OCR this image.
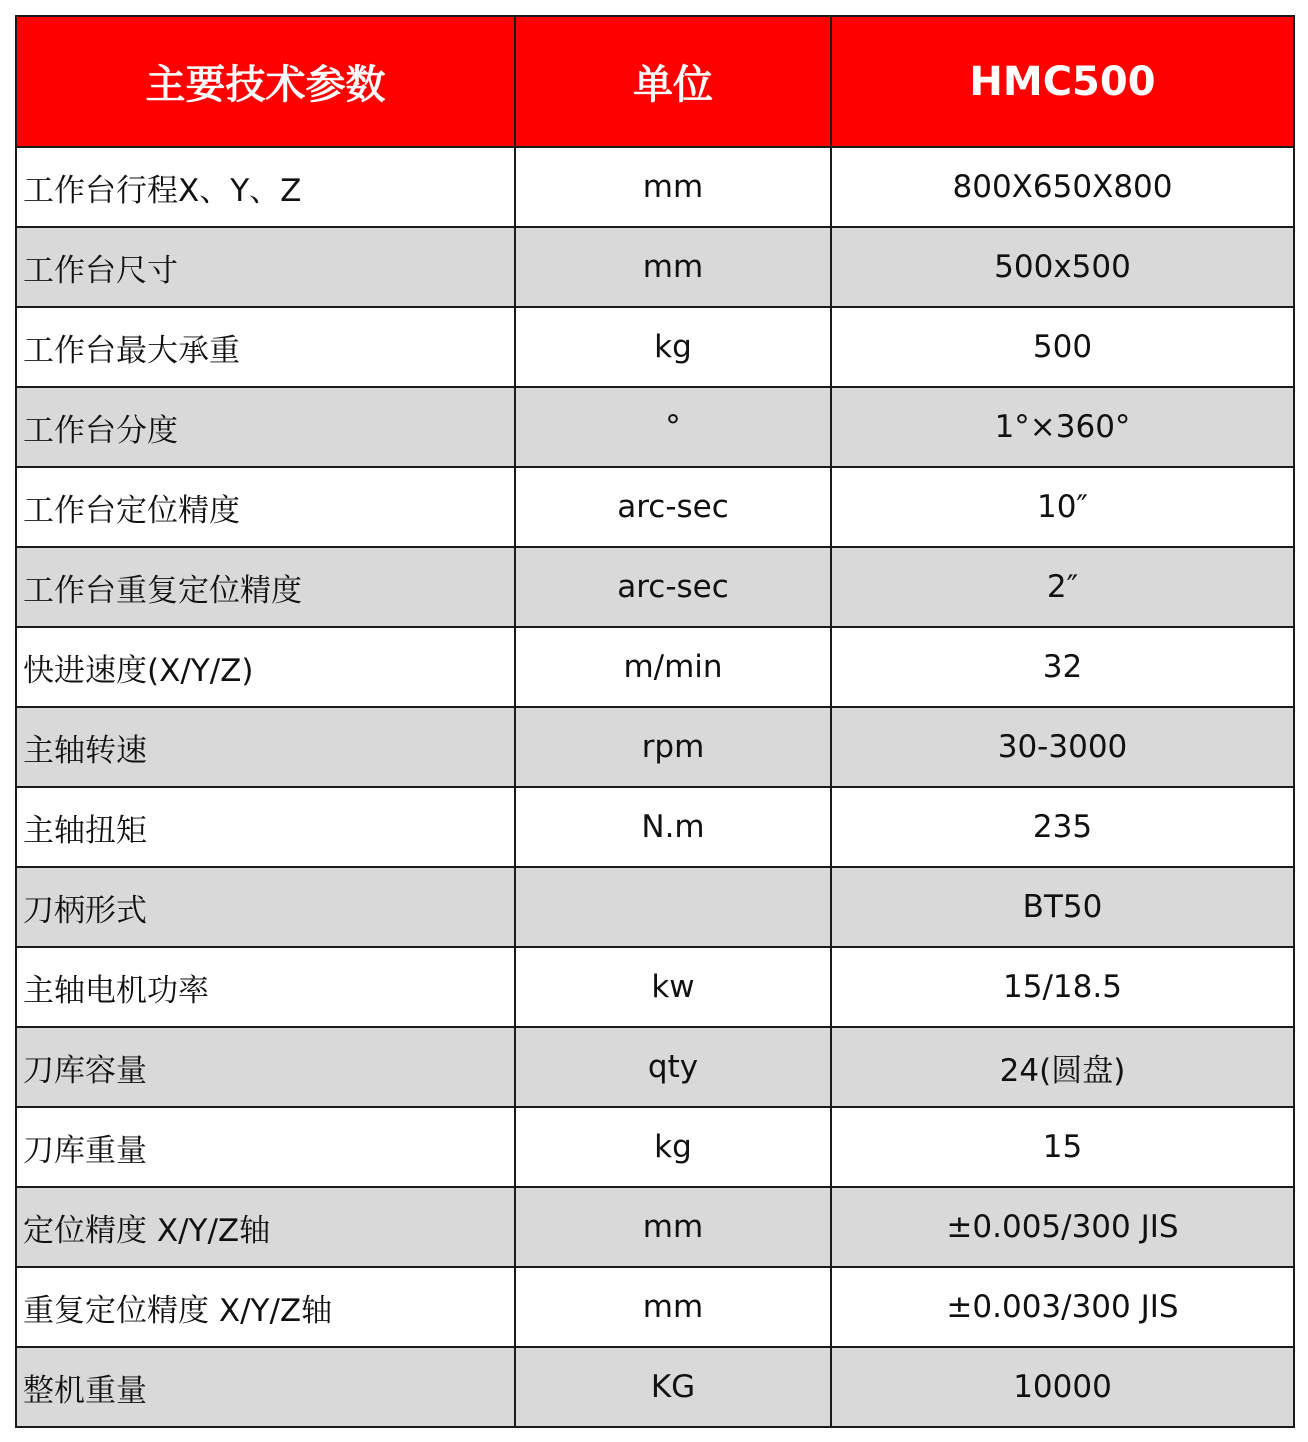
主要技术参数	单位	HMC500
工作台行程X、Y、Z	mm	800X650X800
工作台尺寸	mm	500x500
工作台最大承重	kg	500
工作台分度	°	1°×360°
工作台定位精度	arc-sec	10″
工作台重复定位精度	arc-sec	2″
快进速度(X/Y/Z)	m/min	32
主轴转速	rpm	30-3000
主轴扭矩	N.m	235
刀柄形式		BT50
主轴电机功率	kw	15/18.5
刀库容量	qty	24(圆盘)
刀库重量	kg	15
定位精度 X/Y/Z轴	mm	±0.005/300 JIS
重复定位精度 X/Y/Z轴	mm	±0.003/300 JIS
整机重量	KG	10000
